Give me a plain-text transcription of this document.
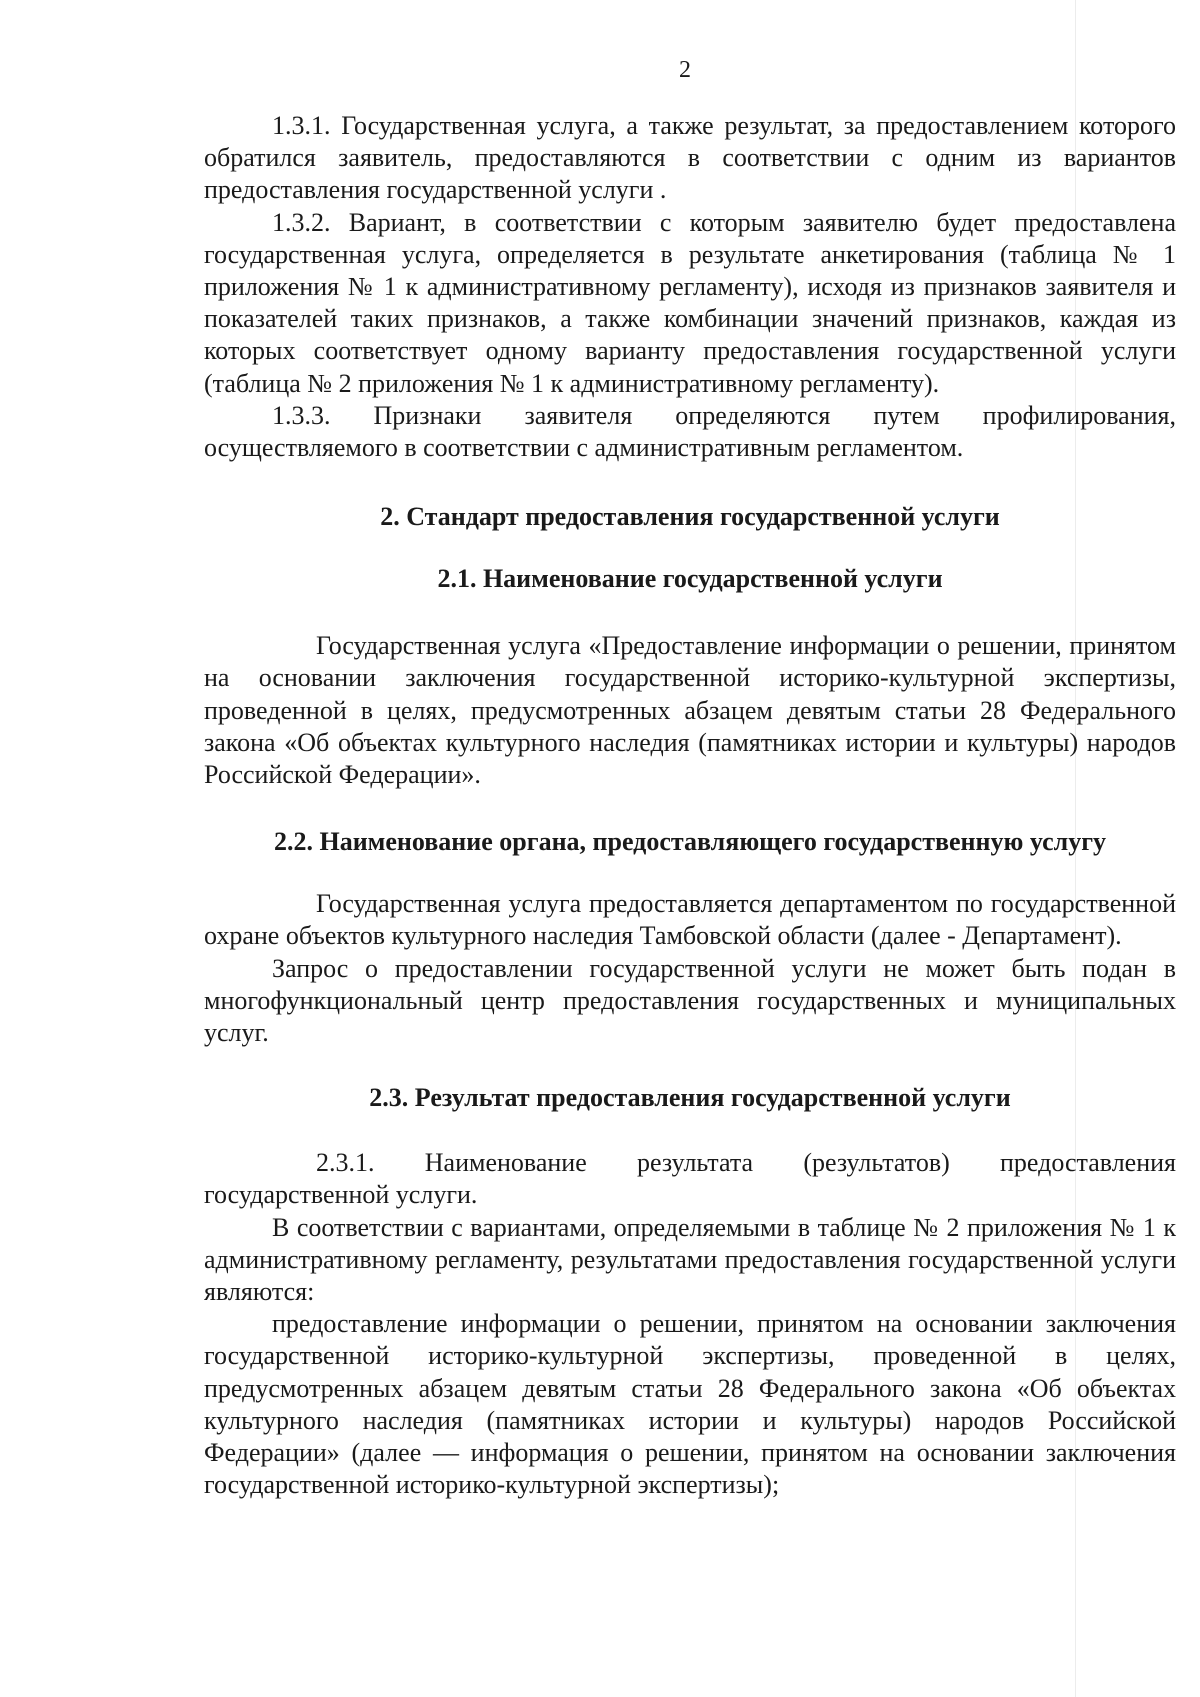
2

1.3.1. Государственная услуга, а также результат, за предоставлением которого обратился заявитель, предоставляются в соответствии с одним из вариантов предоставления государственной услуги .

1.3.2. Вариант, в соответствии с которым заявителю будет предоставлена государственная услуга, определяется в результате анкетирования (таблица № 1 приложения № 1 к административному регламенту), исходя из признаков заявителя и показателей таких признаков, а также комбинации значений признаков, каждая из которых соответствует одному варианту предоставления государственной услуги (таблица № 2 приложения № 1 к административному регламенту).

1.3.3. Признаки заявителя определяются путем профилирования, осуществляемого в соответствии с административным регламентом.

2. Стандарт предоставления государственной услуги
2.1. Наименование государственной услуги

Государственная услуга «Предоставление информации о решении, принятом на основании заключения государственной историко-культурной экспертизы, проведенной в целях, предусмотренных абзацем девятым статьи 28 Федерального закона «Об объектах культурного наследия (памятниках истории и культуры) народов Российской Федерации».

2.2. Наименование органа, предоставляющего государственную услугу

Государственная услуга предоставляется департаментом по государственной охране объектов культурного наследия Тамбовской области (далее - Департамент).

Запрос о предоставлении государственной услуги не может быть подан в многофункциональный центр предоставления государственных и муниципальных услуг.

2.3. Результат предоставления государственной услуги

2.3.1. Наименование результата (результатов) предоставления государственной услуги.

В соответствии с вариантами, определяемыми в таблице № 2 приложения № 1 к административному регламенту, результатами предоставления государственной услуги являются:

предоставление информации о решении, принятом на основании заключения государственной историко-культурной экспертизы, проведенной в целях, предусмотренных абзацем девятым статьи 28 Федерального закона «Об объектах культурного наследия (памятниках истории и культуры) народов Российской Федерации» (далее — информация о решении, принятом на основании заключения государственной историко-культурной экспертизы);
